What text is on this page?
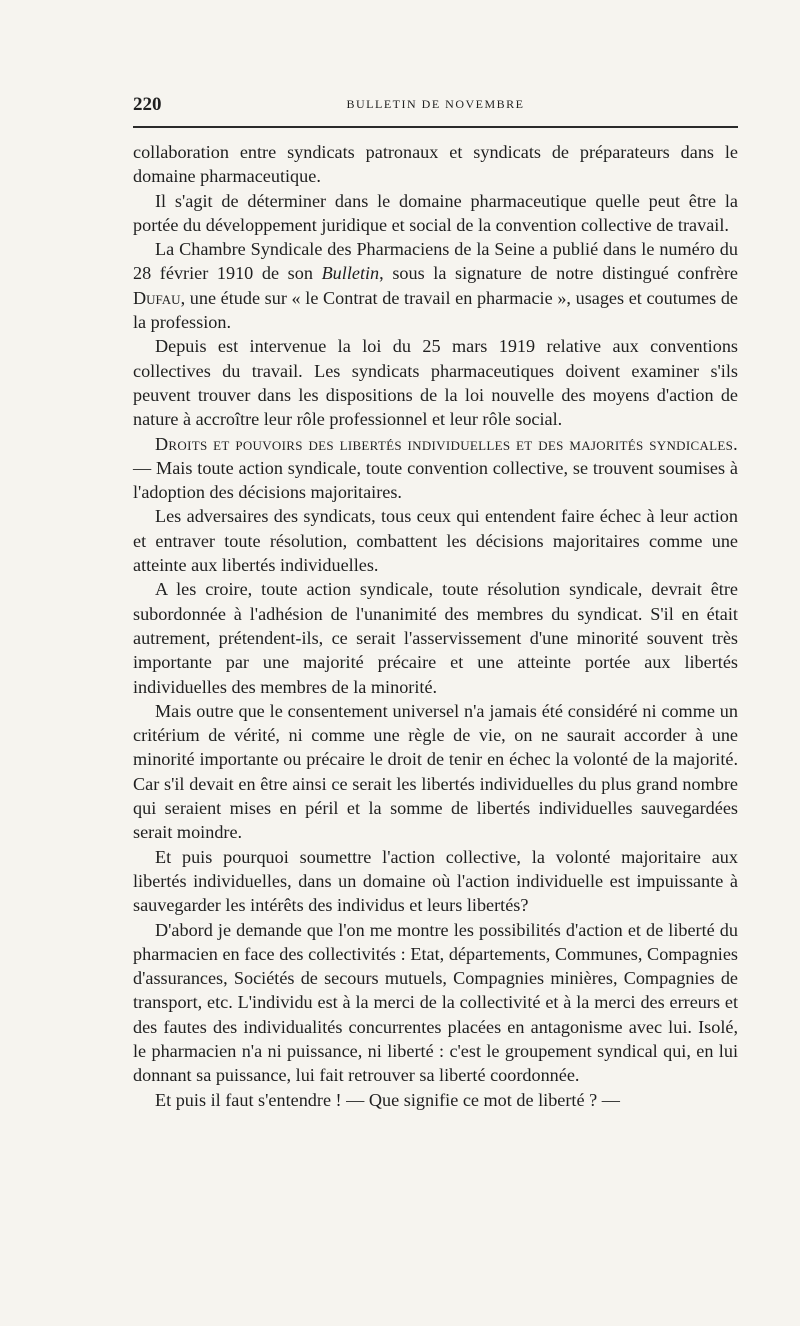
220	BULLETIN DE NOVEMBRE

collaboration entre syndicats patronaux et syndicats de préparateurs dans le domaine pharmaceutique.

Il s'agit de déterminer dans le domaine pharmaceutique quelle peut être la portée du développement juridique et social de la convention collective de travail.

La Chambre Syndicale des Pharmaciens de la Seine a publié dans le numéro du 28 février 1910 de son Bulletin, sous la signature de notre distingué confrère Dufau, une étude sur « le Contrat de travail en pharmacie », usages et coutumes de la profession.

Depuis est intervenue la loi du 25 mars 1919 relative aux conventions collectives du travail. Les syndicats pharmaceutiques doivent examiner s'ils peuvent trouver dans les dispositions de la loi nouvelle des moyens d'action de nature à accroître leur rôle professionnel et leur rôle social.

Droits et pouvoirs des libertés individuelles et des majorités syndicales. — Mais toute action syndicale, toute convention collective, se trouvent soumises à l'adoption des décisions majoritaires.

Les adversaires des syndicats, tous ceux qui entendent faire échec à leur action et entraver toute résolution, combattent les décisions majoritaires comme une atteinte aux libertés individuelles.

A les croire, toute action syndicale, toute résolution syndicale, devrait être subordonnée à l'adhésion de l'unanimité des membres du syndicat. S'il en était autrement, prétendent-ils, ce serait l'asservissement d'une minorité souvent très importante par une majorité précaire et une atteinte portée aux libertés individuelles des membres de la minorité.

Mais outre que le consentement universel n'a jamais été considéré ni comme un critérium de vérité, ni comme une règle de vie, on ne saurait accorder à une minorité importante ou précaire le droit de tenir en échec la volonté de la majorité. Car s'il devait en être ainsi ce serait les libertés individuelles du plus grand nombre qui seraient mises en péril et la somme de libertés individuelles sauvegardées serait moindre.

Et puis pourquoi soumettre l'action collective, la volonté majoritaire aux libertés individuelles, dans un domaine où l'action individuelle est impuissante à sauvegarder les intérêts des individus et leurs libertés?

D'abord je demande que l'on me montre les possibilités d'action et de liberté du pharmacien en face des collectivités : Etat, départements, Communes, Compagnies d'assurances, Sociétés de secours mutuels, Compagnies minières, Compagnies de transport, etc. L'individu est à la merci de la collectivité et à la merci des erreurs et des fautes des individualités concurrentes placées en antagonisme avec lui. Isolé, le pharmacien n'a ni puissance, ni liberté : c'est le groupement syndical qui, en lui donnant sa puissance, lui fait retrouver sa liberté coordonnée.

Et puis il faut s'entendre ! — Que signifie ce mot de liberté ? —
